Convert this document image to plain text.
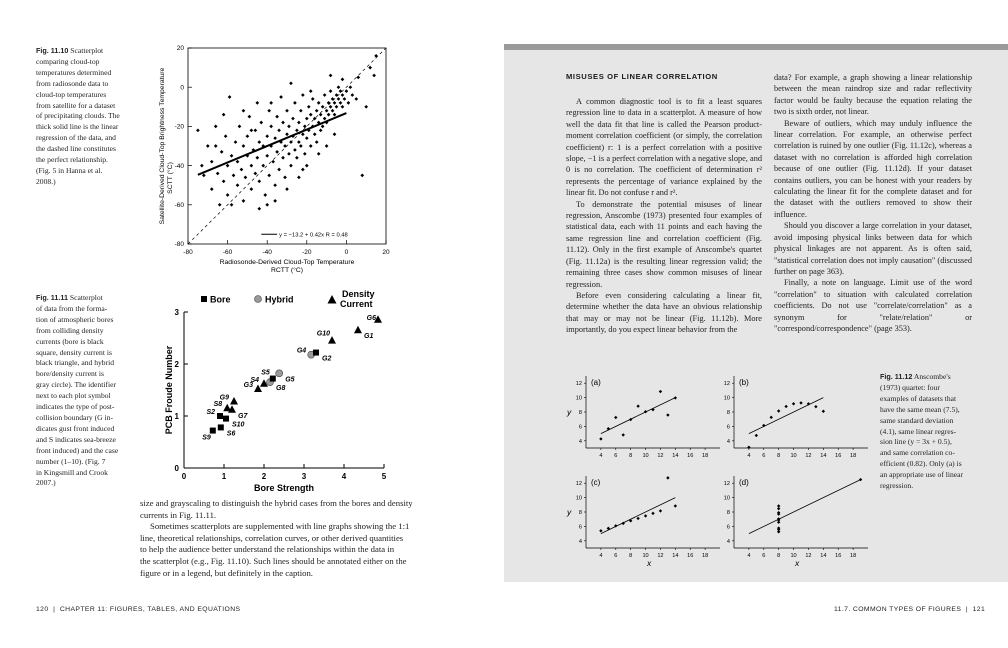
Fig. 11.10 Scatterplot
comparing cloud-top
temperatures determined
from radiosonde data to
cloud-top temperatures
from satellite for a dataset
of precipitating clouds. The
thick solid line is the linear
regression of the data, and
the dashed line constitutes
the perfect relationship.
(Fig. 5 in Hanna et al.
2008.)
-80	-60	-40	-20	0	20
20
0
-20
-40
-60
-80
y = −13.2 + 0.42x R = 0.48
Radiosonde-Derived Cloud-Top Temperature
RCTT (°C)
Satellite-Derived Cloud-Top Brightness Temperature SCTT (°C)
Fig. 11.11 Scatterplot
of data from the forma-
tion of atmospheric bores
from colliding density
currents (bore is black
square, density current is
black triangle, and hybrid
bore/density current is
gray circle). The identifier
next to each plot symbol
indicates the type of post-
collision boundary (G in-
dicates gust front induced
and S indicates sea-breeze
front induced) and the case
number (1–10). (Fig. 7
in Kingsmill and Crook
2007.)
Bore	Hybrid
Density
Current
0	1	2	3	4	5
0
1
2
3
Bore Strength
PCB Froude Number
S9
S6
S2
S10
S8
G7
G9
G3
S4
G8
S5
G5
G4
G2
G10	G1
G6
size and grayscaling to distinguish the hybrid cases from the bores and density
currents in Fig. 11.11.
Sometimes scatterplots are supplemented with line graphs showing the 1:1
line, theoretical relationships, correlation curves, or other derived quantities
to help the audience better understand the relationships within the data in
the scatterplot (e.g., Fig. 11.10). Such lines should be annotated either on the
figure or in a legend, but definitely in the caption.
120  |  CHAPTER 11: FIGURES, TABLES, AND EQUATIONS
MISUSES OF LINEAR CORRELATION

A common diagnostic tool is to fit a least squares regression line to data in a scatterplot. A measure of how well the data fit that line is called the Pearson product-moment correlation coefficient (or simply, the correlation coefficient) r: 1 is a perfect correlation with a positive slope, −1 is a perfect correlation with a negative slope, and 0 is no correlation. The coefficient of determination r² represents the percentage of variance explained by the linear fit. Do not confuse r and r².

To demonstrate the potential misuses of linear regression, Anscombe (1973) presented four examples of statistical data, each with 11 points and each having the same regression line and correlation coefficient (Fig. 11.12). Only in the first example of Anscombe's quartet (Fig. 11.12a) is the resulting linear regression valid; the remaining three cases show common misuses of linear regression.

Before even considering calculating a linear fit, determine whether the data have an obvious relationship that may or may not be linear (Fig. 11.12b). More importantly, do you expect linear behavior from the

data? For example, a graph showing a linear relationship between the mean raindrop size and radar reflectivity factor would be faulty because the equation relating the two is sixth order, not linear.

Beware of outliers, which may unduly influence the linear correlation. For example, an otherwise perfect correlation is ruined by one outlier (Fig. 11.12c), whereas a dataset with no correlation is afforded high correlation because of one outlier (Fig. 11.12d). If your dataset contains outliers, you can be honest with your readers by calculating the linear fit for the complete dataset and for the dataset with the outliers removed to show their influence.

Should you discover a large correlation in your dataset, avoid imposing physical links between data for which physical linkages are not apparent. As is often said, "statistical correlation does not imply causation" (discussed further on page 363).

Finally, a note on language. Limit use of the word "correlation" to situation with calculated correlation coefficients. Do not use "correlate/correlation" as a synonym for "relate/relation" or "correspond/correspondence" (page 353).

4 6 8 10 12 14 16 18
4
6
8
10
12 (a)
y
4 6 8 10 12 14 16 18
4
6
8
10
12 (b)
4 6 8 10 12 14 16 18
4
6
8
10
12 (c)
y
x
4 6 8 10 12 14 16 18
4
6
8
10
12 (d)
x
Fig. 11.12 Anscombe's
(1973) quartet: four
examples of datasets that
have the same mean (7.5),
same standard deviation
(4.1), same linear regres-
sion line (y = 3x + 0.5),
and same correlation co-
efficient (0.82). Only (a) is
an appropriate use of linear
regression.
11.7. COMMON TYPES OF FIGURES  |  121
